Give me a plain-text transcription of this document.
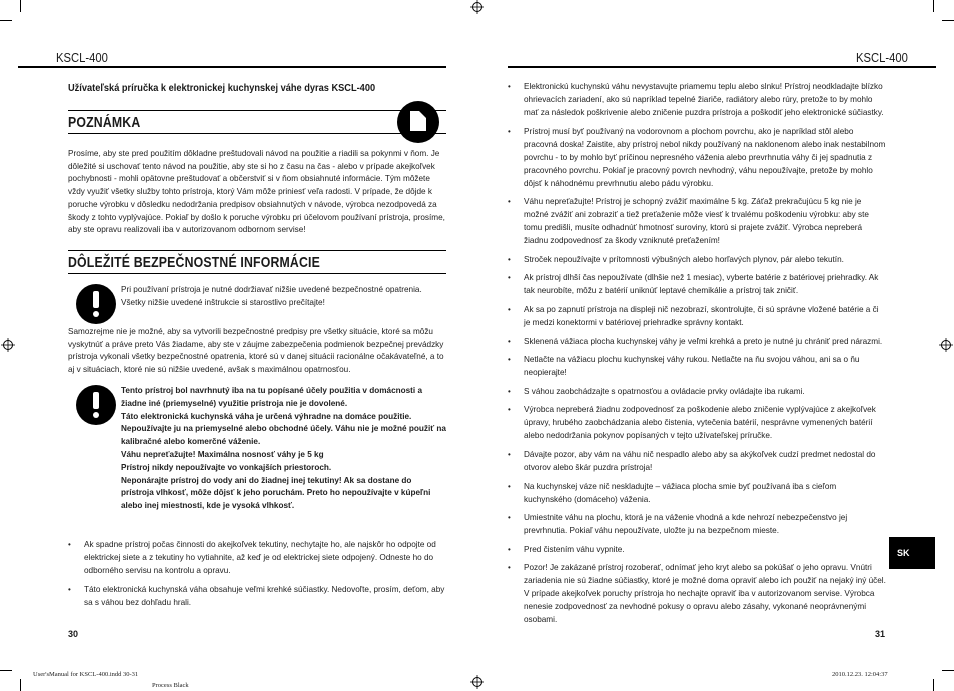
KSCL-400	KSCL-400
Užívateľská príručka k elektronickej kuchynskej váhe dyras KSCL-400
POZNÁMKA

Prosíme, aby ste pred použitím dôkladne preštudovali návod na použitie a riadili sa pokynmi v ňom. Je dôležité si uschovať tento návod na použitie, aby ste si ho z času na čas - alebo v prípade akejkoľvek pochybnosti - mohli opätovne preštudovať a občerstviť si v ňom obsiahnuté informácie. Tým môžete vždy využiť všetky služby tohto prístroja, ktorý Vám môže priniesť veľa radosti. V prípade, že dôjde k poruche výrobku v dôsledku nedodržania predpisov obsiahnutých v návode, výrobca nezodpovedá za škody z tohto vyplývajúce. Pokiaľ by došlo k poruche výrobku pri účelovom používaní prístroja, prosíme, aby ste opravu realizovali iba v autorizovanom odbornom servise!

DÔLEŽITÉ BEZPEČNOSTNÉ INFORMÁCIE

Pri používaní prístroja je nutné dodržiavať nižšie uvedené bezpečnostné opatrenia. Všetky nižšie uvedené inštrukcie si starostlivo prečítajte!

Samozrejme nie je možné, aby sa vytvorili bezpečnostné predpisy pre všetky situácie, ktoré sa môžu vyskytnúť a práve preto Vás žiadame, aby ste v záujme zabezpečenia podmienok bezpečnej prevádzky prístroja vykonali všetky bezpečnostné opatrenia, ktoré sú v danej situácii racionálne očakávateľné, a to aj v situáciach, ktoré nie sú nižšie uvedené, avšak s maximálnou opatrnosťou.

Tento prístroj bol navrhnutý iba na tu popísané účely použitia v domácnosti a žiadne iné (priemyselné) využitie prístroja nie je dovolené.

Táto elektronická kuchynská váha je určená výhradne na domáce použitie. Nepoužívajte ju na priemyselné alebo obchodné účely. Váhu nie je možné použiť na kalibračné alebo komerčné váženie.

Váhu nepreťažujte! Maximálna nosnosť váhy je 5 kg

Prístroj nikdy nepoužívajte vo vonkajších priestoroch.

Neponárajte prístroj do vody ani do žiadnej inej tekutiny! Ak sa dostane do prístroja vlhkosť, môže dôjsť k jeho poruchám. Preto ho nepoužívajte v kúpeľni alebo inej miestnosti, kde je vysoká vlhkosť.

• Ak spadne prístroj počas činnosti do akejkoľvek tekutiny, nechytajte ho, ale najskôr ho odpojte od elektrickej siete a z tekutiny ho vytiahnite, až keď je od elektrickej siete odpojený. Odneste ho do odborného servisu na kontrolu a opravu.
• Táto elektronická kuchynská váha obsahuje veľmi krehké súčiastky. Nedovoľte, prosím, deťom, aby sa s váhou bez dohľadu hrali.
30
• Elektronickú kuchynskú váhu nevystavujte priamemu teplu alebo slnku! Prístroj neodkladajte blízko ohrievacích zariadení, ako sú napríklad tepelné žiariče, radiátory alebo rúry, pretože to by mohlo mať za následok poškrivenie alebo zničenie puzdra prístroja a poškodiť jeho elektronické súčiastky.
• Prístroj musí byť používaný na vodorovnom a plochom povrchu, ako je napríklad stôl alebo pracovná doska! Zaistite, aby prístroj nebol nikdy používaný na naklonenom alebo inak nestabilnom povrchu - to by mohlo byť príčinou nepresného váženia alebo prevrhnutia váhy či jej spadnutia z pracovného povrchu. Pokiaľ je pracovný povrch nevhodný, váhu nepoužívajte, pretože by mohlo dôjsť k náhodnému prevrhnutiu alebo pádu výrobku.
• Váhu nepreťažujte! Prístroj je schopný zvážiť maximálne 5 kg. Záťaž prekračujúcu 5 kg nie je možné zvážiť ani zobraziť a tiež preťaženie môže viesť k trvalému poškodeniu výrobku: aby ste tomu predišli, musíte odhadnúť hmotnosť suroviny, ktorú si prajete zvážiť. Výrobca nepreberá žiadnu zodpovednosť za škody vzniknuté preťažením!
• Stroček nepoužívajte v prítomnosti výbušných alebo horľavých plynov, pár alebo tekutín.
• Ak prístroj dlhší čas nepoužívate (dlhšie než 1 mesiac), vyberte batérie z batériovej priehradky. Ak tak neurobíte, môžu z batérií uniknúť leptavé chemikálie a prístroj tak zničiť.
• Ak sa po zapnutí prístroja na displeji nič nezobrazí, skontrolujte, či sú správne vložené batérie a či je medzi konektormi v batériovej priehradke správny kontakt.
• Sklenená vážiaca plocha kuchynskej váhy je veľmi krehká a preto je nutné ju chrániť pred nárazmi.
• Netlačte na vážiacu plochu kuchynskej váhy rukou. Netlačte na ňu svojou váhou, ani sa o ňu neopierajte!
• S váhou zaobchádzajte s opatrnosťou a ovládacie prvky ovládajte iba rukami.
• Výrobca nepreberá žiadnu zodpovednosť za poškodenie alebo zničenie vyplývajúce z akejkoľvek úpravy, hrubého zaobchádzania alebo čistenia, vytečenia batérií, nesprávne vymenených batérií alebo nedodržania pokynov popísaných v tejto užívateľskej príručke.
• Dávajte pozor, aby vám na váhu nič nespadlo alebo aby sa akýkoľvek cudzí predmet nedostal do otvorov alebo škár puzdra prístroja!
• Na kuchynskej váze nič neskladujte – vážiaca plocha smie byť používaná iba s cieľom kuchynského (domáceho) váženia.
• Umiestnite váhu na plochu, ktorá je na váženie vhodná a kde nehrozí nebezpečenstvo jej prevrhnutia. Pokiaľ váhu nepoužívate, uložte ju na bezpečnom mieste.
• Pred čistením váhu vypnite.
• Pozor! Je zakázané prístroj rozoberať, odnímať jeho kryt alebo sa pokúšať o jeho opravu. Vnútri zariadenia nie sú žiadne súčiastky, ktoré je možné doma opraviť alebo ich použiť na nejaký iný účel. V prípade akejkoľvek poruchy prístroja ho nechajte opraviť iba v autorizovanom servise. Výrobca nenesie zodpovednosť za nevhodné pokusy o opravu alebo zásahy, vykonané neoprávnenými osobami.
SK
31
User'sManual for KSCL-400.indd 30-31	2010.12.23. 12:04:37
Process Black
